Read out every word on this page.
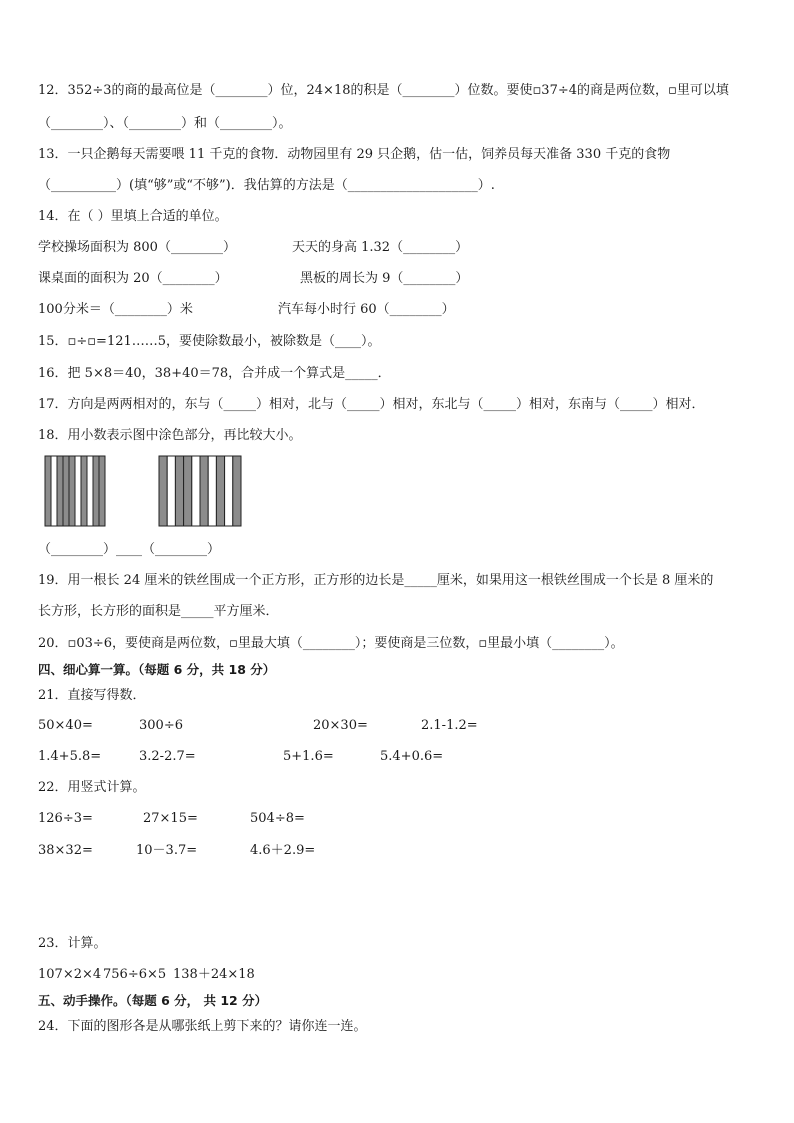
12．352÷3的商的最高位是（________）位，24×18的积是（________）位数。要使▫37÷4的商是两位数，▫里可以填
（________）、（________）和（________）。
13．一只企鹅每天需要喂 11 千克的食物．动物园里有 29 只企鹅，估一估，饲养员每天准备 330 千克的食物
（__________）(填“够”或“不够”)．我估算的方法是（____________________）.
14．在（ ）里填上合适的单位。
学校操场面积为 800（________）	天天的身高 1.32（________）
课桌面的面积为 20（________）	黑板的周长为 9（________）
100分米＝（________）米	汽车每小时行 60（________）
15．▫÷▫=121……5，要使除数最小，被除数是（____）。
16．把 5×8＝40，38+40＝78，合并成一个算式是_____．
17．方向是两两相对的，东与（_____）相对，北与（_____）相对，东北与（_____）相对，东南与（_____）相对．
18．用小数表示图中涂色部分，再比较大小。
（________）____（________）
19．用一根长 24 厘米的铁丝围成一个正方形，正方形的边长是_____厘米，如果用这一根铁丝围成一个长是 8 厘米的
长方形，长方形的面积是_____平方厘米．
20．▫03÷6，要使商是两位数，▫里最大填（________）；要使商是三位数，▫里最小填（________）。
四、细心算一算。（每题 6 分，共 18 分）
21．直接写得数．
50×40=	300÷6	20×30=	2.1-1.2=
1.4+5.8=	3.2-2.7=	5+1.6=	5.4+0.6=
22．用竖式计算。
126÷3=	27×15=	504÷8=
38×32=	10－3.7=	4.6＋2.9=
23．计算。
107×2×4 756÷6×5 138＋24×18
五、动手操作。（每题 6 分， 共 12 分）
24．下面的图形各是从哪张纸上剪下来的？请你连一连。
